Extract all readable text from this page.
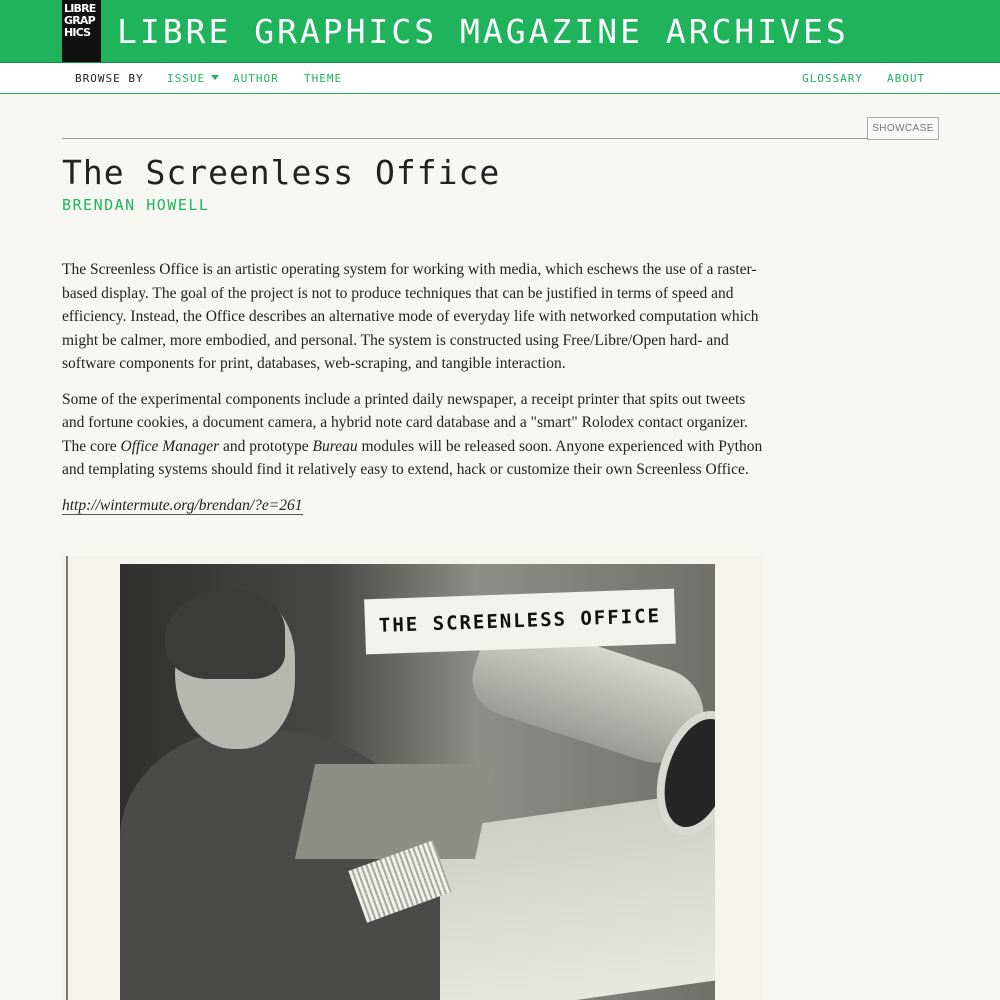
LIBRE
GRAP
HICS LIBRE GRAPHICS MAGAZINE ARCHIVES
BROWSE BY ISSUE	AUTHOR THEME	GLOSSARY ABOUT
SHOWCASE
The Screenless Office
BRENDAN HOWELL

The Screenless Office is an artistic operating system for working with media, which eschews the use of a raster-based display. The goal of the project is not to produce techniques that can be justified in terms of speed and efficiency. Instead, the Office describes an alternative mode of everyday life with networked computation which might be calmer, more embodied, and personal. The system is constructed using Free/Libre/Open hard- and software components for print, databases, web-scraping, and tangible interaction.

Some of the experimental components include a printed daily newspaper, a receipt printer that spits out tweets and fortune cookies, a document camera, a hybrid note card database and a "smart" Rolodex contact organizer. The core Office Manager and prototype Bureau modules will be released soon. Anyone experienced with Python and templating systems should find it relatively easy to extend, hack or customize their own Screenless Office.

http://wintermute.org/brendan/?e=261

THE SCREENLESS OFFICE
